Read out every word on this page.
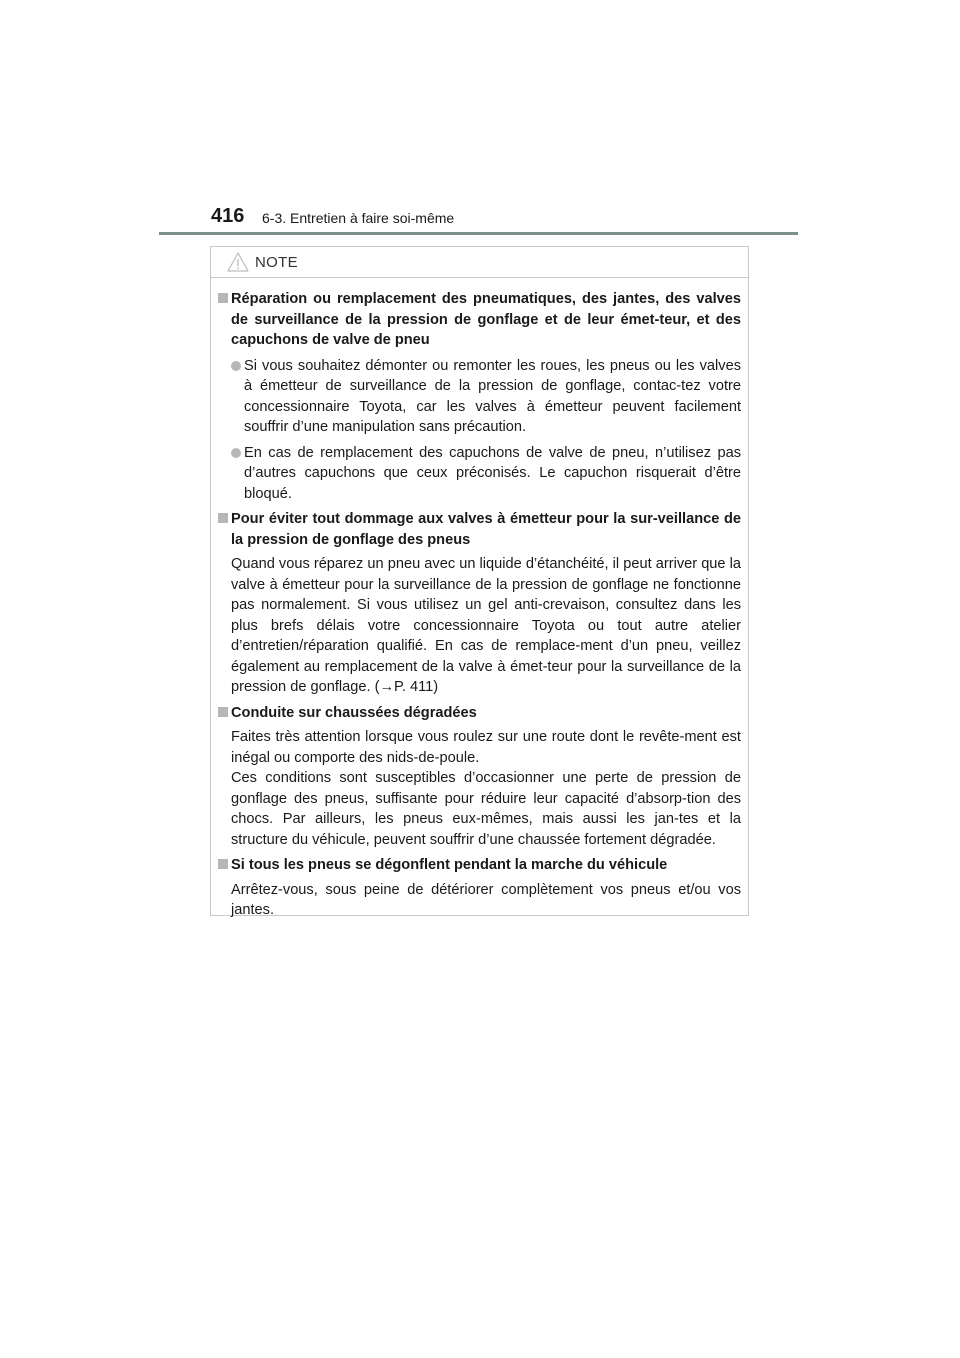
416 6-3. Entretien à faire soi-même
NOTE

Réparation ou remplacement des pneumatiques, des jantes, des valves de surveillance de la pression de gonflage et de leur émet-teur, et des capuchons de valve de pneu

Si vous souhaitez démonter ou remonter les roues, les pneus ou les valves à émetteur de surveillance de la pression de gonflage, contac-tez votre concessionnaire Toyota, car les valves à émetteur peuvent facilement souffrir d’une manipulation sans précaution.

En cas de remplacement des capuchons de valve de pneu, n’utilisez pas d’autres capuchons que ceux préconisés. Le capuchon risquerait d’être bloqué.

Pour éviter tout dommage aux valves à émetteur pour la sur-veillance de la pression de gonflage des pneus

Quand vous réparez un pneu avec un liquide d’étanchéité, il peut arriver que la valve à émetteur pour la surveillance de la pression de gonflage ne fonctionne pas normalement. Si vous utilisez un gel anti-crevaison, consultez dans les plus brefs délais votre concessionnaire Toyota ou tout autre atelier d’entretien/réparation qualifié. En cas de remplace-ment d’un pneu, veillez également au remplacement de la valve à émet-teur pour la surveillance de la pression de gonflage. (→P. 411)

Conduite sur chaussées dégradées

Faites très attention lorsque vous roulez sur une route dont le revête-ment est inégal ou comporte des nids-de-poule.

Ces conditions sont susceptibles d’occasionner une perte de pression de gonflage des pneus, suffisante pour réduire leur capacité d’absorp-tion des chocs. Par ailleurs, les pneus eux-mêmes, mais aussi les jan-tes et la structure du véhicule, peuvent souffrir d’une chaussée fortement dégradée.

Si tous les pneus se dégonflent pendant la marche du véhicule

Arrêtez-vous, sous peine de détériorer complètement vos pneus et/ou vos jantes.
